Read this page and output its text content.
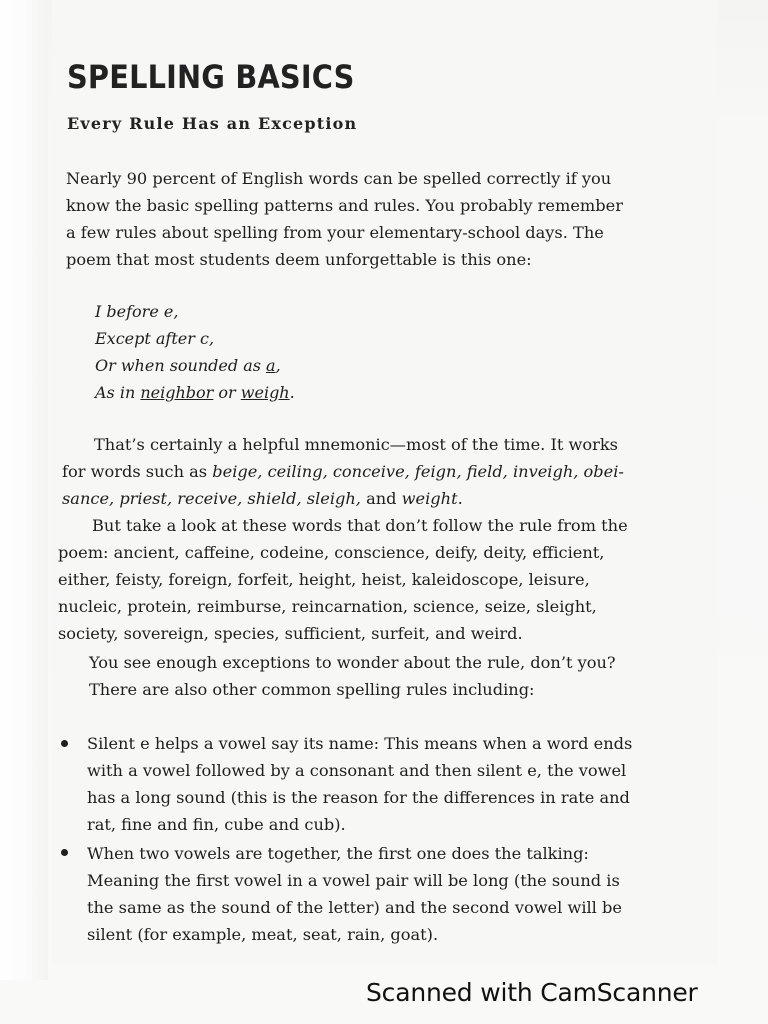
SPELLING BASICS
Every Rule Has an Exception

Nearly 90 percent of English words can be spelled correctly if you
know the basic spelling patterns and rules. You probably remember
a few rules about spelling from your elementary-school days. The
poem that most students deem unforgettable is this one:

I before e,
Except after c,
Or when sounded as a,
As in neighbor or weigh.

That’s certainly a helpful mnemonic—most of the time. It works
for words such as beige, ceiling, conceive, feign, field, inveigh, obei-
sance, priest, receive, shield, sleigh, and weight.

But take a look at these words that don’t follow the rule from the
poem: ancient, caffeine, codeine, conscience, deify, deity, efficient,
either, feisty, foreign, forfeit, height, heist, kaleidoscope, leisure,
nucleic, protein, reimburse, reincarnation, science, seize, sleight,
society, sovereign, species, sufficient, surfeit, and weird.

You see enough exceptions to wonder about the rule, don’t you?

There are also other common spelling rules including:

Silent e helps a vowel say its name: This means when a word ends
with a vowel followed by a consonant and then silent e, the vowel
has a long sound (this is the reason for the differences in rate and
rat, fine and fin, cube and cub).

When two vowels are together, the first one does the talking:
Meaning the first vowel in a vowel pair will be long (the sound is
the same as the sound of the letter) and the second vowel will be
silent (for example, meat, seat, rain, goat).

Scanned with CamScanner
